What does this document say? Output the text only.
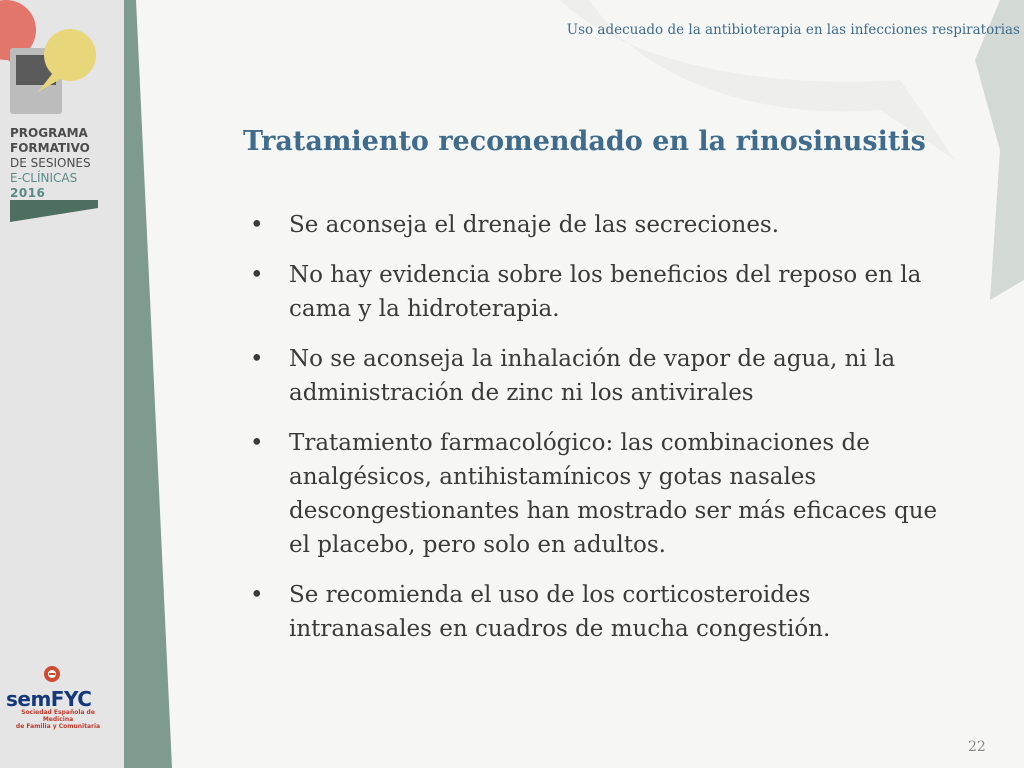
PROGRAMA
FORMATIVO
DE SESIONES
E-CLÍNICAS
2016
semFYC
Sociedad Española de Medicina
de Familia y Comunitaria
Uso adecuado de la antibioterapia en las infecciones respiratorias
Tratamiento recomendado en la rinosinusitis
• Se aconseja el drenaje de las secreciones.
• No hay evidencia sobre los beneficios del reposo en la cama y la hidroterapia.
• No se aconseja la inhalación de vapor de agua, ni la administración de zinc ni los antivirales
• Tratamiento farmacológico: las combinaciones de analgésicos, antihistamínicos y gotas nasales descongestionantes han mostrado ser más eficaces que el placebo, pero solo en adultos.
• Se recomienda el uso de los corticosteroides intranasales en cuadros de mucha congestión.
22
